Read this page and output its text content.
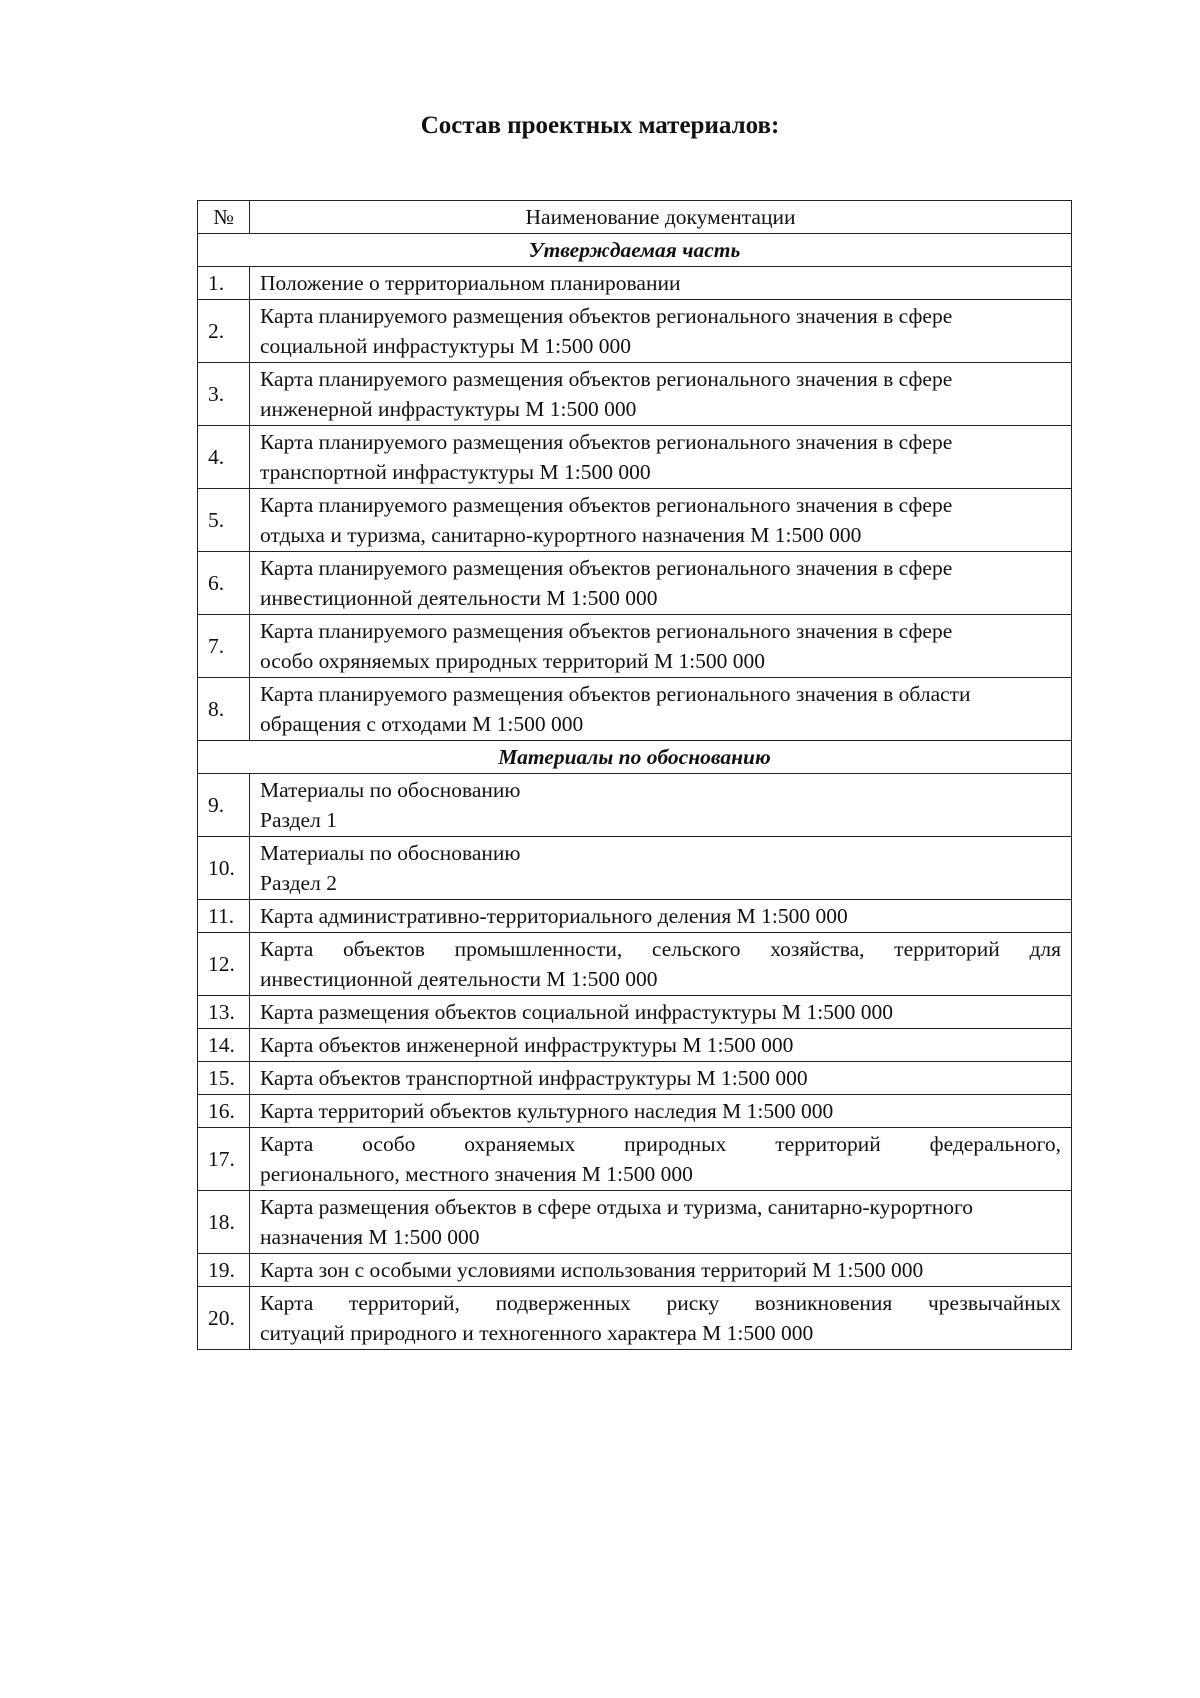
Состав проектных материалов:
№	Наименование документации
Утверждаемая часть	
1.	Положение о территориальном планировании

2.	Карта планируемого размещения объектов регионального значения в сфере
социальной инфрастуктуры М 1:500 000

3.	Карта планируемого размещения объектов регионального значения в сфере
инженерной инфрастуктуры М 1:500 000

4.	Карта планируемого размещения объектов регионального значения в сфере
транспортной инфрастуктуры М 1:500 000

5.	Карта планируемого размещения объектов регионального значения в сфере
отдыха и туризма, санитарно-курортного назначения М 1:500 000

6.	Карта планируемого размещения объектов регионального значения в сфере
инвестиционной деятельности М 1:500 000

7.	Карта планируемого размещения объектов регионального значения в сфере
особо охряняемых природных территорий М 1:500 000

8.	Карта планируемого размещения объектов регионального значения в области
обращения с отходами М 1:500 000

Материалы по обоснованию	
9.	Материалы по обоснованию
Раздел 1

10.	Материалы по обоснованию
Раздел 2

11.	Карта административно-территориального деления М 1:500 000

12.	Карта объектов промышленности, сельского хозяйства, территорий для
инвестиционной деятельности М 1:500 000

13.	Карта размещения объектов социальной инфрастуктуры М 1:500 000

14.	Карта объектов инженерной инфраструктуры М 1:500 000

15.	Карта объектов транспортной инфраструктуры М 1:500 000

16.	Карта территорий объектов культурного наследия М 1:500 000

17.	Карта особо охраняемых природных территорий федерального,
регионального, местного значения М 1:500 000

18.	Карта размещения объектов в сфере отдыха и туризма, санитарно-курортного
назначения М 1:500 000

19.	Карта зон с особыми условиями использования территорий М 1:500 000

20.	Карта территорий, подверженных риску возникновения чрезвычайных
ситуаций природного и техногенного характера М 1:500 000
